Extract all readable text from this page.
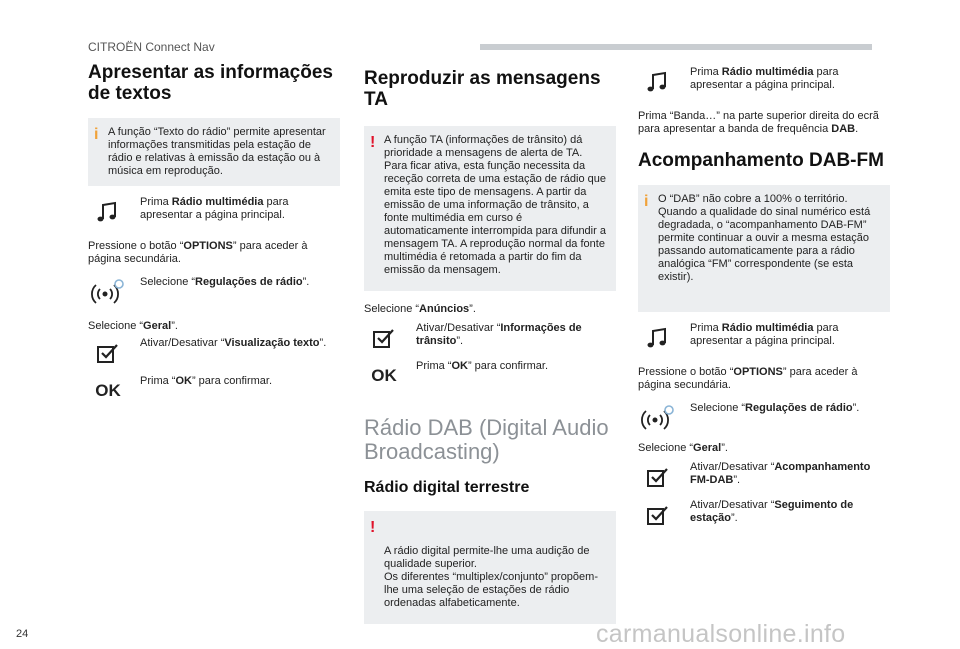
CITROËN Connect Nav
Apresentar as informações de textos
i A função “Texto do rádio” permite apresentar informações transmitidas pela estação de rádio e relativas à emissão da estação ou à música em reprodução.
Prima Rádio multimédia para apresentar a página principal.

Pressione o botão “OPTIONS” para aceder à página secundária.

Selecione “Regulações de rádio”.

Selecione “Geral”.

Ativar/Desativar “Visualização texto”.
OK Prima “OK” para confirmar.
Reproduzir as mensagens TA
! A função TA (informações de trânsito) dá prioridade a mensagens de alerta de TA. Para ficar ativa, esta função necessita da receção correta de uma estação de rádio que emita este tipo de mensagens. A partir da emissão de uma informação de trânsito, a fonte multimédia em curso é automaticamente interrompida para difundir a mensagem TA. A reprodução normal da fonte multimédia é retomada a partir do fim da emissão da mensagem.

Selecione “Anúncios”.

Ativar/Desativar “Informações de trânsito”.
OK Prima “OK” para confirmar.
Rádio DAB (Digital Audio Broadcasting)
Rádio digital terrestre

!

A rádio digital permite-lhe uma audição de qualidade superior.
Os diferentes “multiplex/conjunto” propõem-lhe uma seleção de estações de rádio ordenadas alfabeticamente.

Prima Rádio multimédia para apresentar a página principal.

Prima “Banda…” na parte superior direita do ecrã para apresentar a banda de frequência DAB.

Acompanhamento DAB-FM
i O “DAB” não cobre a 100% o território. Quando a qualidade do sinal numérico está degradada, o “acompanhamento DAB-FM” permite continuar a ouvir a mesma estação passando automaticamente para a rádio analógica “FM” correspondente (se esta existir).
Prima Rádio multimédia para apresentar a página principal.

Pressione o botão “OPTIONS” para aceder à página secundária.

Selecione “Regulações de rádio”.

Selecione “Geral”.

Ativar/Desativar “Acompanhamento FM-DAB”.
Ativar/Desativar “Seguimento de estação”.
24	carmanualsonline.info
